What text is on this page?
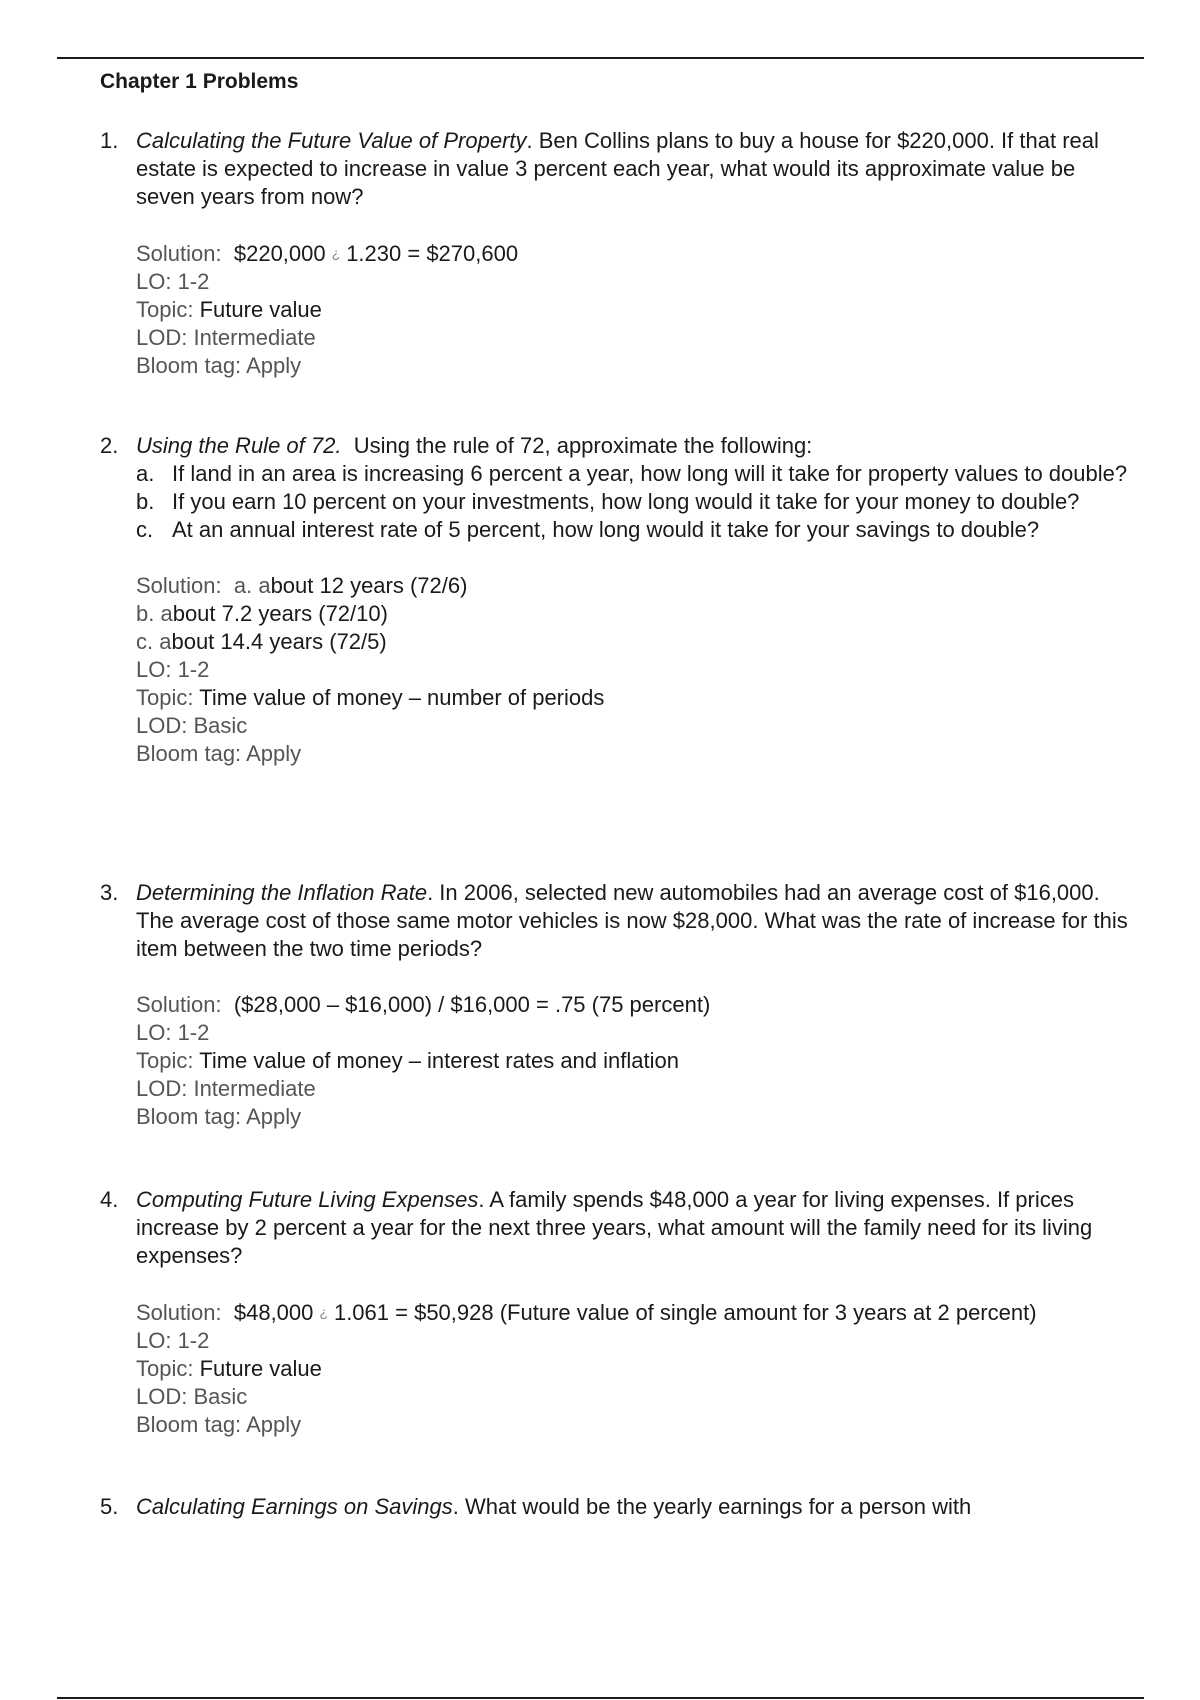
Chapter 1 Problems
1. Calculating the Future Value of Property. Ben Collins plans to buy a house for $220,000. If that real estate is expected to increase in value 3 percent each year, what would its approximate value be seven years from now?
Solution: $220,000 ¿ 1.230 = $270,600
LO: 1-2
Topic: Future value
LOD: Intermediate
Bloom tag: Apply
2. Using the Rule of 72. Using the rule of 72, approximate the following:
a. If land in an area is increasing 6 percent a year, how long will it take for property values to double?
b. If you earn 10 percent on your investments, how long would it take for your money to double?
c. At an annual interest rate of 5 percent, how long would it take for your savings to double?
Solution: a. about 12 years (72/6)
b. about 7.2 years (72/10)
c. about 14.4 years (72/5)
LO: 1-2
Topic: Time value of money – number of periods
LOD: Basic
Bloom tag: Apply
3. Determining the Inflation Rate. In 2006, selected new automobiles had an average cost of $16,000. The average cost of those same motor vehicles is now $28,000. What was the rate of increase for this item between the two time periods?
Solution: ($28,000 – $16,000) / $16,000 = .75 (75 percent)
LO: 1-2
Topic: Time value of money – interest rates and inflation
LOD: Intermediate
Bloom tag: Apply
4. Computing Future Living Expenses. A family spends $48,000 a year for living expenses. If prices increase by 2 percent a year for the next three years, what amount will the family need for its living expenses?
Solution: $48,000 ¿ 1.061 = $50,928 (Future value of single amount for 3 years at 2 percent)
LO: 1-2
Topic: Future value
LOD: Basic
Bloom tag: Apply
5. Calculating Earnings on Savings. What would be the yearly earnings for a person with
